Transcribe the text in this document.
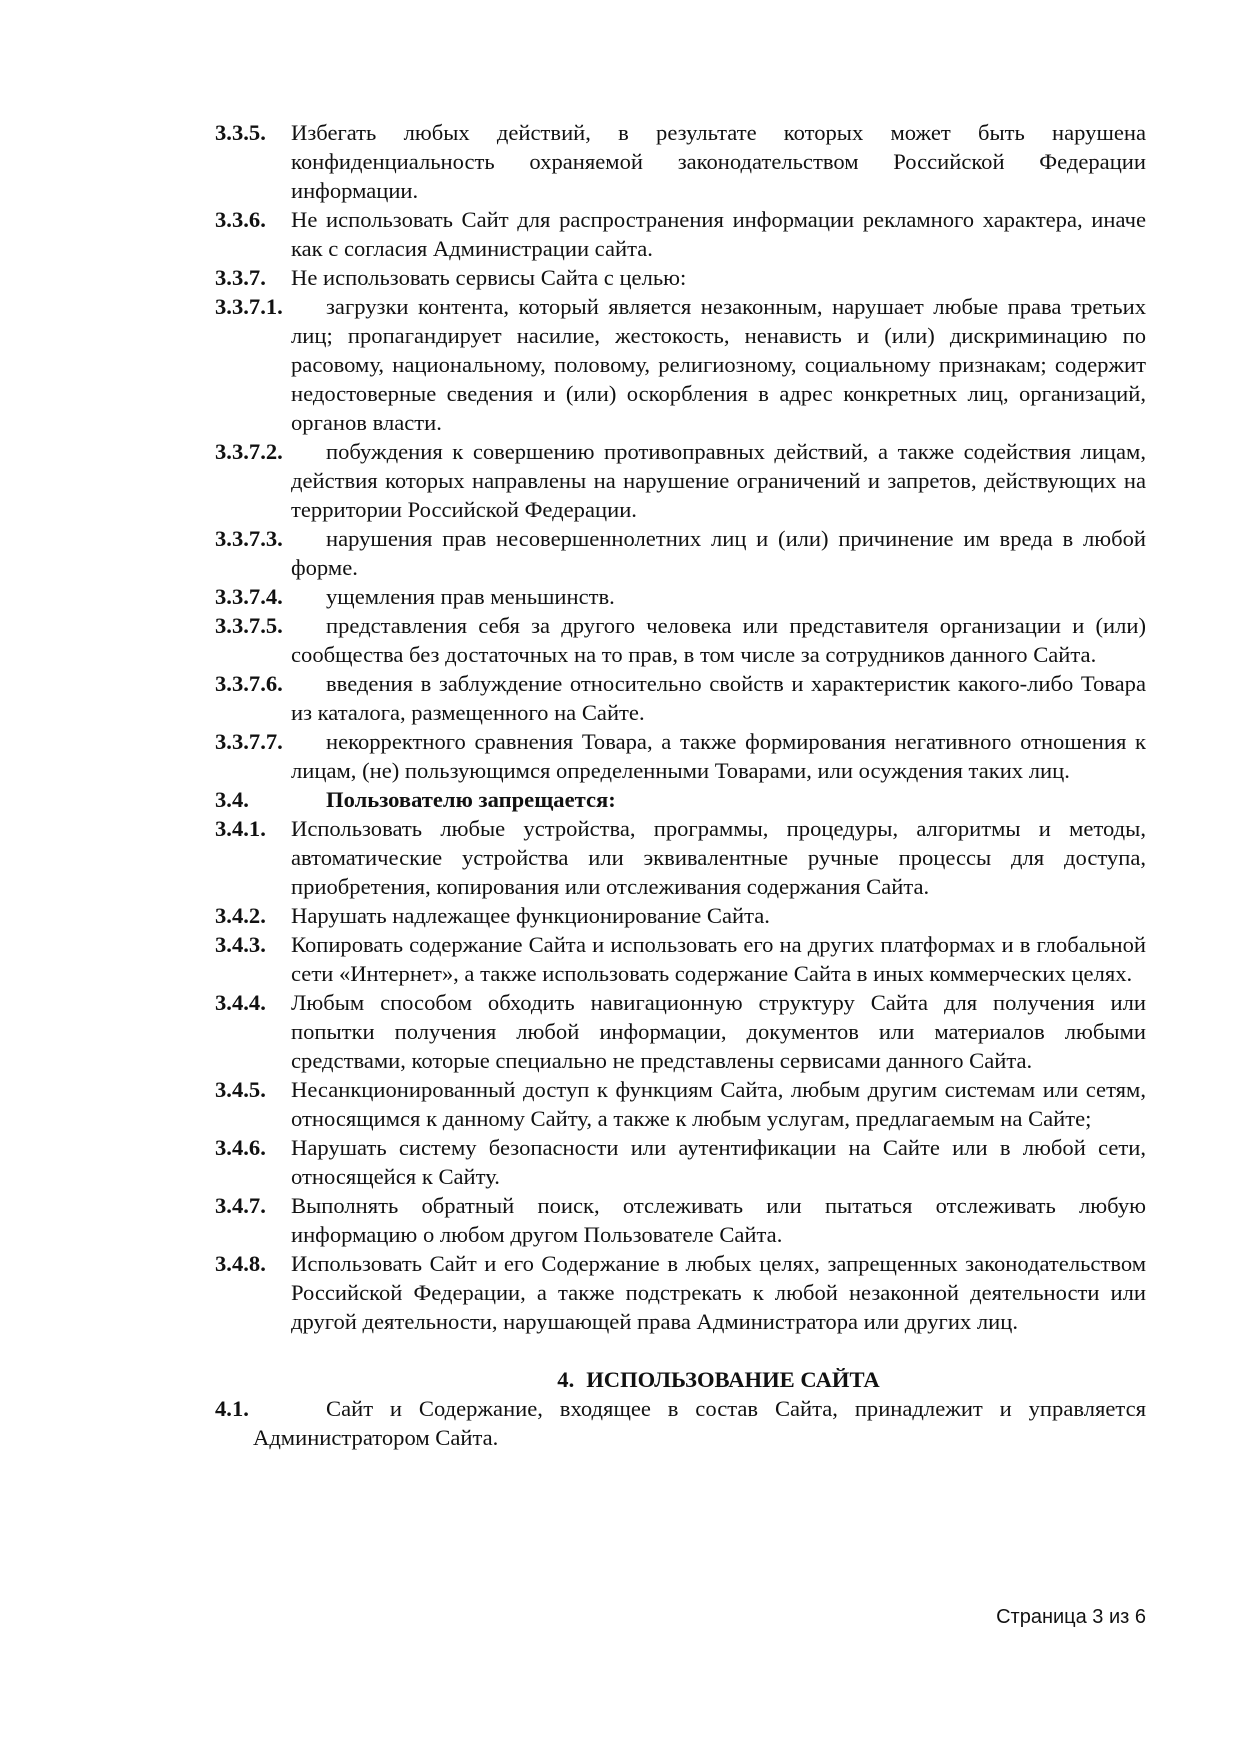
3.3.5. Избегать любых действий, в результате которых может быть нарушена конфиденциальность охраняемой законодательством Российской Федерации информации.
3.3.6. Не использовать Сайт для распространения информации рекламного характера, иначе как с согласия Администрации сайта.
3.3.7. Не использовать сервисы Сайта с целью:
3.3.7.1.	загрузки контента, который является незаконным, нарушает любые права третьих лиц; пропагандирует насилие, жестокость, ненависть и (или) дискриминацию по расовому, национальному, половому, религиозному, социальному признакам; содержит недостоверные сведения и (или) оскорбления в адрес конкретных лиц, организаций, органов власти.
3.3.7.2.	побуждения к совершению противоправных действий, а также содействия лицам, действия которых направлены на нарушение ограничений и запретов, действующих на территории Российской Федерации.
3.3.7.3.	нарушения прав несовершеннолетних лиц и (или) причинение им вреда в любой форме.
3.3.7.4.	ущемления прав меньшинств.
3.3.7.5.	представления себя за другого человека или представителя организации и (или) сообщества без достаточных на то прав, в том числе за сотрудников данного Сайта.
3.3.7.6.	введения в заблуждение относительно свойств и характеристик какого-либо Товара из каталога, размещенного на Сайте.
3.3.7.7.	некорректного сравнения Товара, а также формирования негативного отношения к лицам, (не) пользующимся определенными Товарами, или осуждения таких лиц.
3.4.	Пользователю запрещается:
3.4.1. Использовать любые устройства, программы, процедуры, алгоритмы и методы, автоматические устройства или эквивалентные ручные процессы для доступа, приобретения, копирования или отслеживания содержания Сайта.
3.4.2. Нарушать надлежащее функционирование Сайта.
3.4.3. Копировать содержание Сайта и использовать его на других платформах и в глобальной сети «Интернет», а также использовать содержание Сайта в иных коммерческих целях.
3.4.4. Любым способом обходить навигационную структуру Сайта для получения или попытки получения любой информации, документов или материалов любыми средствами, которые специально не представлены сервисами данного Сайта.
3.4.5. Несанкционированный доступ к функциям Сайта, любым другим системам или сетям, относящимся к данному Сайту, а также к любым услугам, предлагаемым на Сайте;
3.4.6. Нарушать систему безопасности или аутентификации на Сайте или в любой сети, относящейся к Сайту.
3.4.7. Выполнять обратный поиск, отслеживать или пытаться отслеживать любую информацию о любом другом Пользователе Сайта.
3.4.8. Использовать Сайт и его Содержание в любых целях, запрещенных законодательством Российской Федерации, а также подстрекать к любой незаконной деятельности или другой деятельности, нарушающей права Администратора или других лиц.
4. ИСПОЛЬЗОВАНИЕ САЙТА
4.1.	Сайт и Содержание, входящее в состав Сайта, принадлежит и управляется Администратором Сайта.
Страница 3 из 6
